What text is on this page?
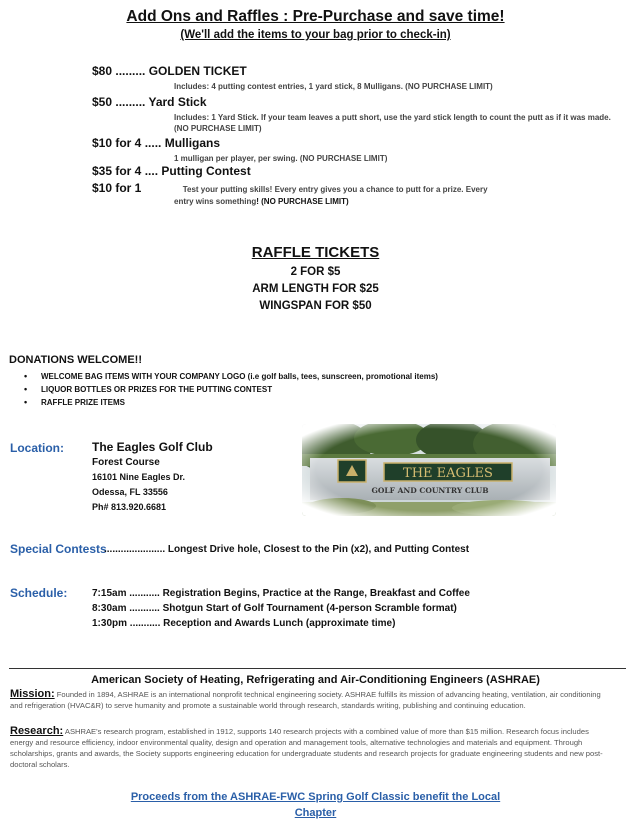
Add Ons and Raffles : Pre-Purchase and save time!
(We'll add the items to your bag prior to check-in)
$80 ......... GOLDEN TICKET
Includes: 4 putting contest entries, 1 yard stick, 8 Mulligans. (NO PURCHASE LIMIT)
$50 ......... Yard Stick
Includes: 1 Yard Stick. If your team leaves a putt short, use the yard stick length to count the putt as if it was made. (NO PURCHASE LIMIT)
$10 for 4 ..... Mulligans
1 mulligan per player, per swing. (NO PURCHASE LIMIT)
$35 for 4 .... Putting Contest
$10 for 1	Test your putting skills! Every entry gives you a chance to putt for a prize. Every
entry wins something! (NO PURCHASE LIMIT)
RAFFLE TICKETS
2 FOR $5
ARM LENGTH FOR $25
WINGSPAN FOR $50
DONATIONS WELCOME!!
• WELCOME BAG ITEMS WITH YOUR COMPANY LOGO (i.e golf balls, tees, sunscreen, promotional items)
• LIQUOR BOTTLES OR PRIZES FOR THE PUTTING CONTEST
• RAFFLE PRIZE ITEMS
Location: The Eagles Golf Club
Forest Course
16101 Nine Eagles Dr.
Odessa, FL 33556
Ph# 813.920.6681
Special Contests
...................... Longest Drive hole, Closest to the Pin (x2), and Putting Contest
Schedule: 7:15am ........... Registration Begins, Practice at the Range, Breakfast and Coffee
8:30am ........... Shotgun Start of Golf Tournament (4-person Scramble format)
1:30pm ........... Reception and Awards Lunch (approximate time)
American Society of Heating, Refrigerating and Air-Conditioning Engineers (ASHRAE)
Mission: Founded in 1894, ASHRAE is an international nonprofit technical engineering society. ASHRAE fulfills its mission of advancing heating, ventilation, air conditioning and refrigeration (HVAC&R) to serve humanity and promote a sustainable world through research, standards writing, publishing and continuing education.
Research: ASHRAE's research program, established in 1912, supports 140 research projects with a combined value of more than $15 million. Research focus includes energy and resource efficiency, indoor environmental quality, design and operation and management tools, alternative technologies and materials and equipment. Through scholarships, grants and awards, the Society supports engineering education for undergraduate students and research projects for graduate engineering students and new post-doctoral scholars.
Proceeds from the ASHRAE-FWC Spring Golf Classic benefit the Local
Chapter
